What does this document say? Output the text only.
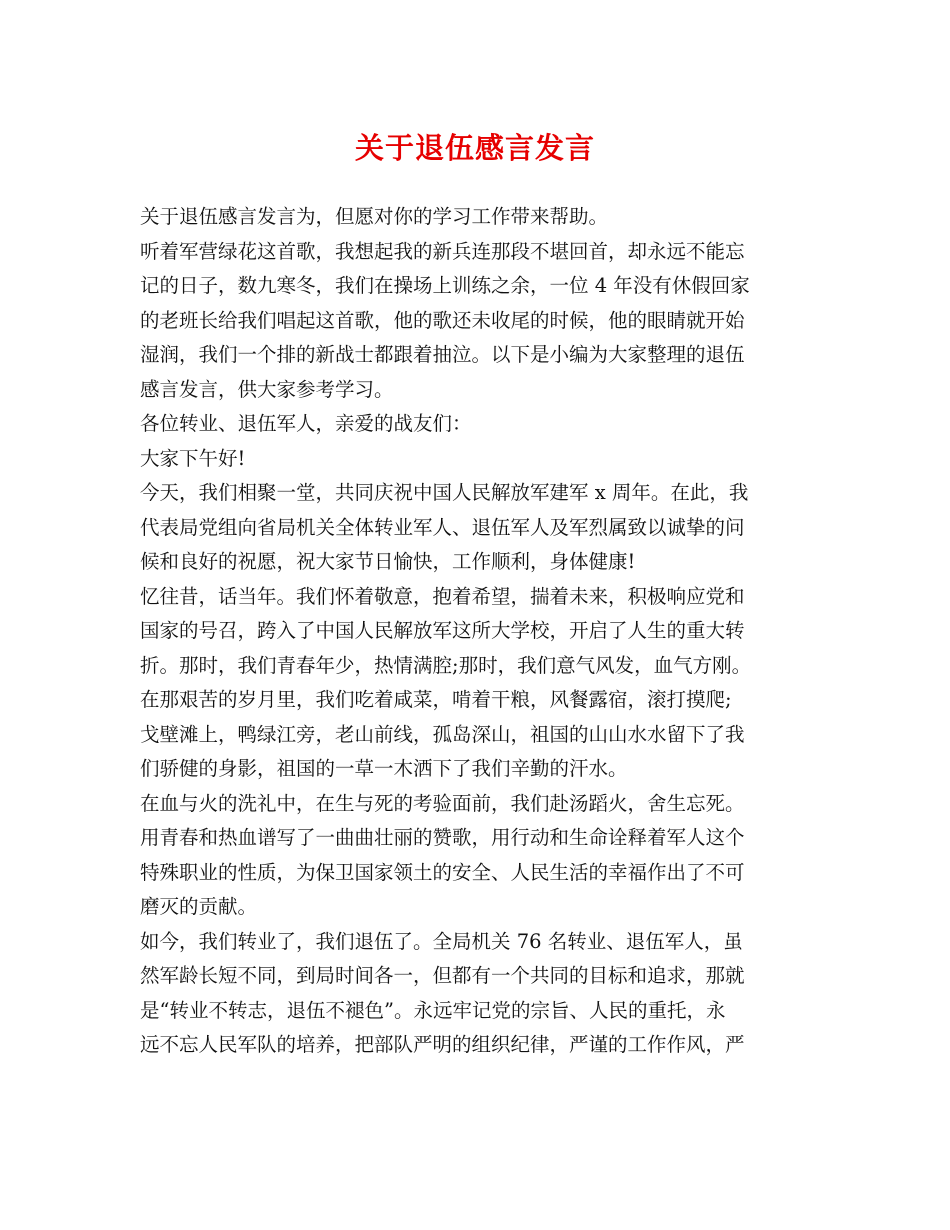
关于退伍感言发言
关于退伍感言发言为，但愿对你的学习工作带来帮助。
听着军营绿花这首歌，我想起我的新兵连那段不堪回首，却永远不能忘
记的日子，数九寒冬，我们在操场上训练之余，一位 4 年没有休假回家
的老班长给我们唱起这首歌，他的歌还未收尾的时候，他的眼睛就开始
湿润，我们一个排的新战士都跟着抽泣。以下是小编为大家整理的退伍
感言发言，供大家参考学习。
各位转业、退伍军人，亲爱的战友们：
大家下午好!
今天，我们相聚一堂，共同庆祝中国人民解放军建军 x 周年。在此，我
代表局党组向省局机关全体转业军人、退伍军人及军烈属致以诚挚的问
候和良好的祝愿，祝大家节日愉快，工作顺利，身体健康!
忆往昔，话当年。我们怀着敬意，抱着希望，揣着未来，积极响应党和
国家的号召，跨入了中国人民解放军这所大学校，开启了人生的重大转
折。那时，我们青春年少，热情满腔;那时，我们意气风发，血气方刚。
在那艰苦的岁月里，我们吃着咸菜，啃着干粮，风餐露宿，滚打摸爬;
戈壁滩上，鸭绿江旁，老山前线，孤岛深山，祖国的山山水水留下了我
们骄健的身影，祖国的一草一木洒下了我们辛勤的汗水。
在血与火的洗礼中，在生与死的考验面前，我们赴汤蹈火，舍生忘死。
用青春和热血谱写了一曲曲壮丽的赞歌，用行动和生命诠释着军人这个
特殊职业的性质，为保卫国家领土的安全、人民生活的幸福作出了不可
磨灭的贡献。
如今，我们转业了，我们退伍了。全局机关 76 名转业、退伍军人，虽
然军龄长短不同，到局时间各一，但都有一个共同的目标和追求，那就
是“转业不转志，退伍不褪色”。永远牢记党的宗旨、人民的重托，永
远不忘人民军队的培养，把部队严明的组织纪律，严谨的工作作风，严
